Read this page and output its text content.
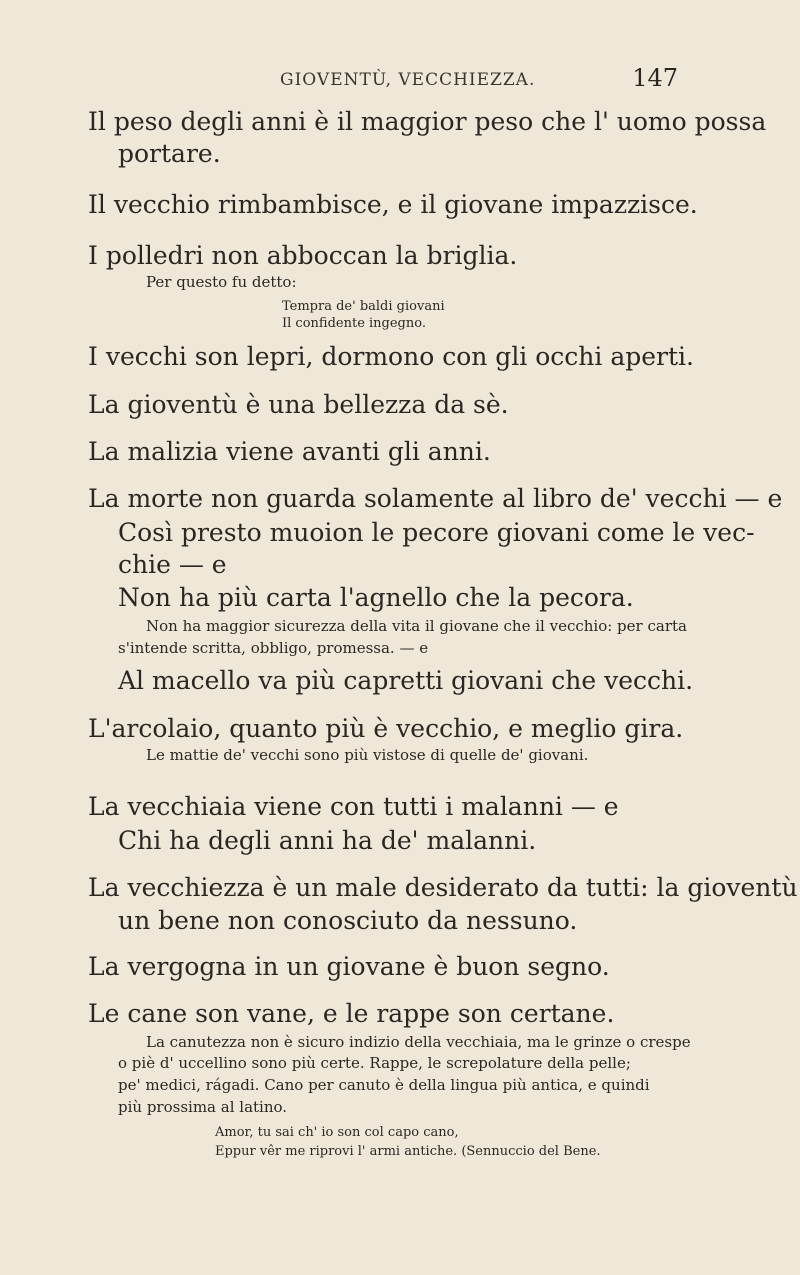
GIOVENTÙ, VECCHIEZZA.	147
Il peso degli anni è il maggior peso che l' uomo possa
portare.
Il vecchio rimbambisce, e il giovane impazzisce.
I polledri non abboccan la briglia.
Per questo fu detto:
Tempra de' baldi giovani
Il confidente ingegno.
I vecchi son lepri, dormono con gli occhi aperti.
La gioventù è una bellezza da sè.
La malizia viene avanti gli anni.
La morte non guarda solamente al libro de' vecchi — e
Così presto muoion le pecore giovani come le vec-
chie — e
Non ha più carta l'agnello che la pecora.
Non ha maggior sicurezza della vita il giovane che il vecchio: per carta
s'intende scritta, obbligo, promessa. — e
Al macello va più capretti giovani che vecchi.
L'arcolaio, quanto più è vecchio, e meglio gira.
Le mattie de' vecchi sono più vistose di quelle de' giovani.
La vecchiaia viene con tutti i malanni — e
Chi ha degli anni ha de' malanni.
La vecchiezza è un male desiderato da tutti: la gioventù
un bene non conosciuto da nessuno.
La vergogna in un giovane è buon segno.
Le cane son vane, e le rappe son certane.
La canutezza non è sicuro indizio della vecchiaia, ma le grinze o crespe
o piè d' uccellino sono più certe. Rappe, le screpolature della pelle;
pe' medici, rágadi. Cano per canuto è della lingua più antica, e quindi
più prossima al latino.
Amor, tu sai ch' io son col capo cano,
Eppur vêr me riprovi l' armi antiche. (Sennuccio del Bene.
